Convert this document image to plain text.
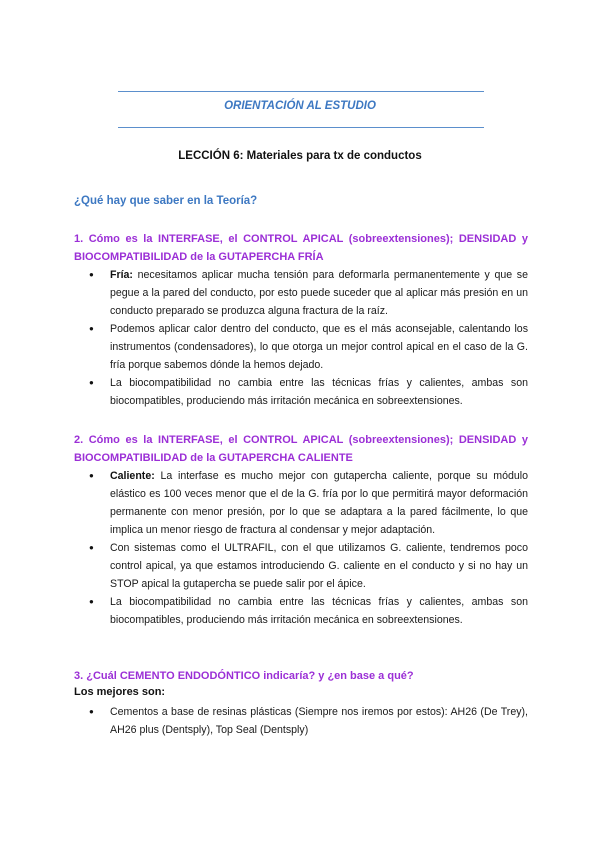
ORIENTACIÓN AL ESTUDIO
LECCIÓN 6: Materiales para tx de conductos
¿Qué hay que saber en la Teoría?
1. Cómo es la INTERFASE, el CONTROL APICAL (sobreextensiones); DENSIDAD y
BIOCOMPATIBILIDAD de la GUTAPERCHA FRÍA
● Fría: necesitamos aplicar mucha tensión para deformarla permanentemente y que se pegue a la pared del conducto, por esto puede suceder que al aplicar más presión en un conducto preparado se produzca alguna fractura de la raíz.
● Podemos aplicar calor dentro del conducto, que es el más aconsejable, calentando los instrumentos (condensadores), lo que otorga un mejor control apical en el caso de la G. fría porque sabemos dónde la hemos dejado.
● La biocompatibilidad no cambia entre las técnicas frías y calientes, ambas son biocompatibles, produciendo más irritación mecánica en sobreextensiones.
2. Cómo es la INTERFASE, el CONTROL APICAL (sobreextensiones); DENSIDAD y
BIOCOMPATIBILIDAD de la GUTAPERCHA CALIENTE
● Caliente: La interfase es mucho mejor con gutapercha caliente, porque su módulo elástico es 100 veces menor que el de la G. fría por lo que permitirá mayor deformación permanente con menor presión, por lo que se adaptara a la pared fácilmente, lo que implica un menor riesgo de fractura al condensar y mejor adaptación.
● Con sistemas como el ULTRAFIL, con el que utilizamos G. caliente, tendremos poco control apical, ya que estamos introduciendo G. caliente en el conducto y si no hay un STOP apical la gutapercha se puede salir por el ápice.
● La biocompatibilidad no cambia entre las técnicas frías y calientes, ambas son biocompatibles, produciendo más irritación mecánica en sobreextensiones.
3. ¿Cuál CEMENTO ENDODÓNTICO indicaría? y ¿en base a qué?
Los mejores son:
● Cementos a base de resinas plásticas (Siempre nos iremos por estos): AH26 (De Trey), AH26 plus (Dentsply), Top Seal (Dentsply)
